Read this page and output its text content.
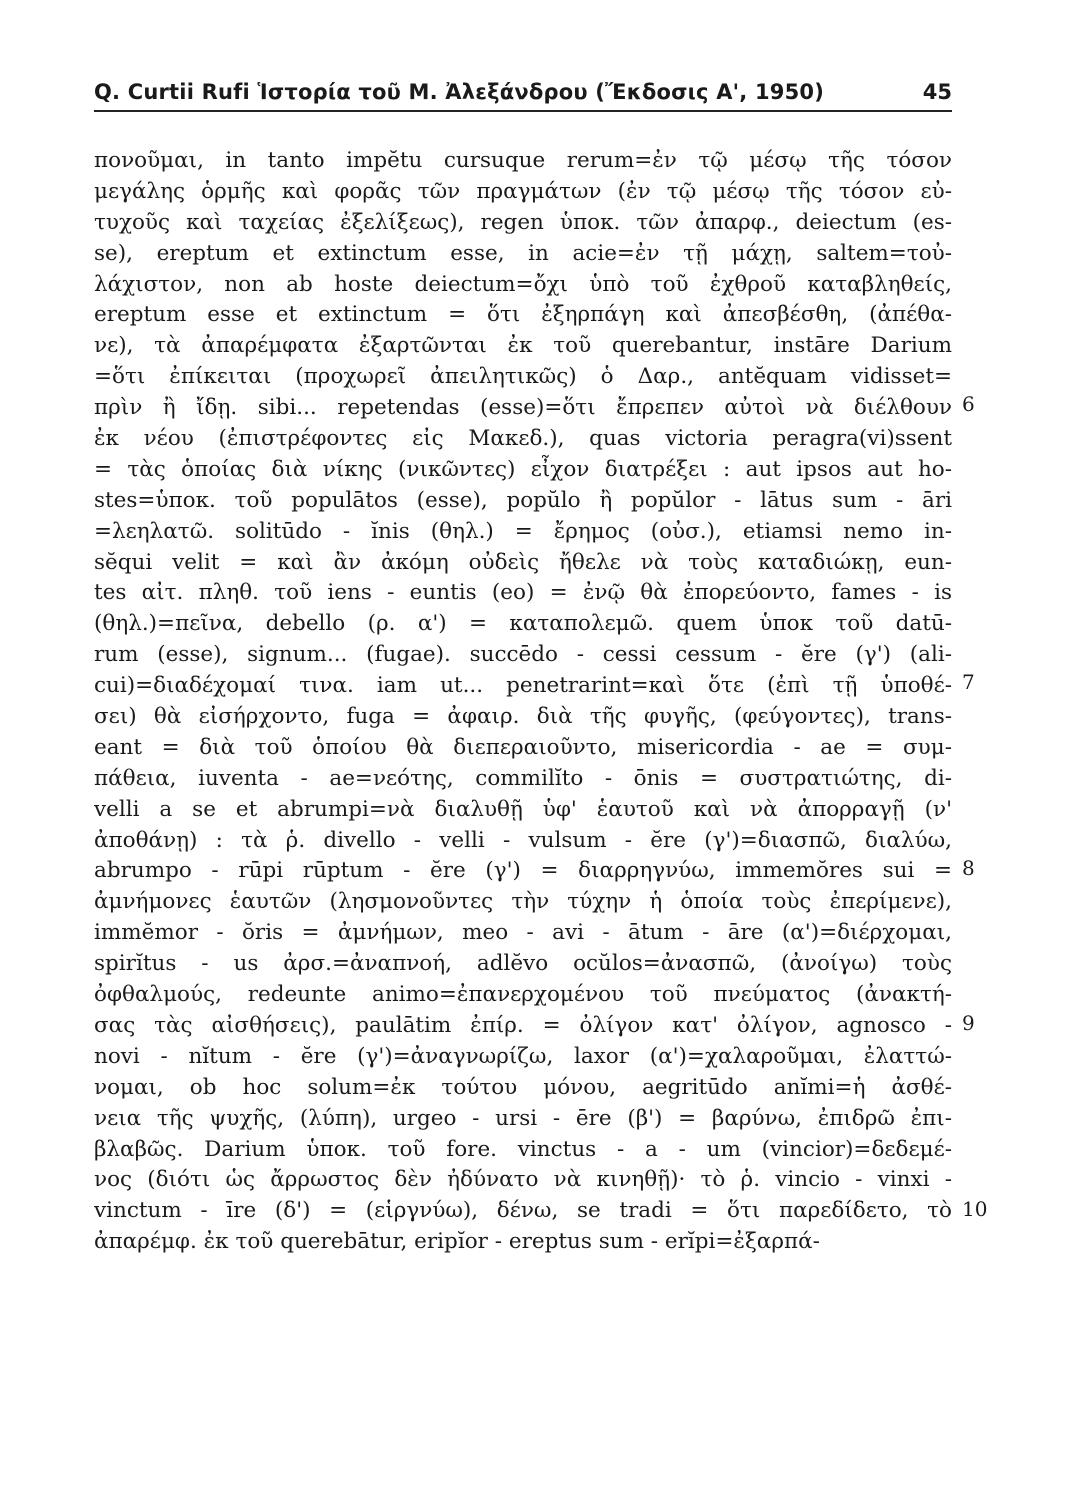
Q. Curtii Rufi Ἱστορία τοῦ Μ. Ἀλεξάνδρου (Ἔκδοσις Α', 1950)	45
πονοῦμαι, in tanto impĕtu cursuque rerum=ἐν τῷ μέσῳ τῆς τόσον
μεγάλης ὁρμῆς καὶ φορᾶς τῶν πραγμάτων (ἐν τῷ μέσῳ τῆς τόσον εὐ-
τυχοῦς καὶ ταχείας ἐξελίξεως), regen ὑποκ. τῶν ἀπαρφ., deiectum (es-
se), ereptum et extinctum esse, in acie=ἐν τῇ μάχῃ, saltem=τοὐ-
λάχιστον, non ab hoste deiectum=ὄχι ὑπὸ τοῦ ἐχθροῦ καταβληθείς,
ereptum esse et extinctum = ὅτι ἐξηρπάγη καὶ ἀπεσβέσθη, (ἀπέθα-
νε), τὰ ἀπαρέμφατα ἐξαρτῶνται ἐκ τοῦ querebantur, instāre Darium
=ὅτι ἐπίκειται (προχωρεῖ ἀπειλητικῶς) ὁ Δαρ., antĕquam vidisset=
πρὶν ἢ ἴδῃ. sibi... repetendas (esse)=ὅτι ἔπρεπεν αὐτοὶ νὰ διέλθουν
ἐκ νέου (ἐπιστρέφοντες εἰς Μακεδ.), quas victoria peragra(vi)ssent
= τὰς ὁποίας διὰ νίκης (νικῶντες) εἶχον διατρέξει : aut ipsos aut ho-
stes=ὑποκ. τοῦ populātos (esse), popŭlo ἢ popŭlor - lātus sum - āri
=λεηλατῶ. solitūdo - ĭnis (θηλ.) = ἔρημος (οὐσ.), etiamsi nemo in-
sĕqui velit = καὶ ἂν ἀκόμη οὐδεὶς ἤθελε νὰ τοὺς καταδιώκῃ, eun-
tes αἰτ. πληθ. τοῦ iens - euntis (eo) = ἐνῷ θὰ ἐπορεύοντο, fames - is
(θηλ.)=πεῖνα, debello (ρ. α') = καταπολεμῶ. quem ὑποκ τοῦ datū-
rum (esse), signum... (fugae). succēdo - cessi cessum - ĕre (γ') (ali-
cui)=διαδέχομαί τινα. iam ut... penetrarint=καὶ ὅτε (ἐπὶ τῇ ὑποθέ-
σει) θὰ εἰσήρχοντο, fuga = ἀφαιρ. διὰ τῆς φυγῆς, (φεύγοντες), trans-
eant = διὰ τοῦ ὁποίου θὰ διεπεραιοῦντο, misericordia - ae = συμ-
πάθεια, iuventa - ae=νεότης, commilĭto - ōnis = συστρατιώτης, di-
velli a se et abrumpi=νὰ διαλυθῇ ὑφ' ἑαυτοῦ καὶ νὰ ἀπορραγῇ (ν'
ἀποθάνῃ) : τὰ ῥ. divello - velli - vulsum - ĕre (γ')=διασπῶ, διαλύω,
abrumpo - rūpi rūptum - ĕre (γ') = διαρρηγνύω, immemŏres sui =
ἀμνήμονες ἑαυτῶν (λησμονοῦντες τὴν τύχην ἡ ὁποία τοὺς ἐπερίμενε),
immĕmor - ŏris = ἀμνήμων, meo - avi - ātum - āre (α')=διέρχομαι,
spirĭtus - us ἀρσ.=ἀναπνοή, adlĕvo ocŭlos=ἀνασπῶ, (ἀνοίγω) τοὺς
ὀφθαλμούς, redeunte animo=ἐπανερχομένου τοῦ πνεύματος (ἀνακτή-
σας τὰς αἰσθήσεις), paulātim ἐπίρ. = ὀλίγον κατ' ὀλίγον, agnosco -
novi - nĭtum - ĕre (γ')=ἀναγνωρίζω, laxor (α')=χαλαροῦμαι, ἐλαττώ-
νομαι, ob hoc solum=ἐκ τούτου μόνου, aegritūdo anĭmi=ἡ ἀσθέ-
νεια τῆς ψυχῆς, (λύπη), urgeo - ursi - ēre (β') = βαρύνω, ἐπιδρῶ ἐπι-
βλαβῶς. Darium ὑποκ. τοῦ fore. vinctus - a - um (vincior)=δεδεμέ-
νος (διότι ὡς ἄρρωστος δὲν ἠδύνατο νὰ κινηθῇ)· τὸ ῥ. vincio - vinxi -
vinctum - īre (δ') = (εἱργνύω), δένω, se tradi = ὅτι παρεδίδετο, τὸ
ἀπαρέμφ. ἐκ τοῦ querebātur, eripĭor - ereptus sum - erĭpi=ἐξαρπά-
6
7
8
9
10
